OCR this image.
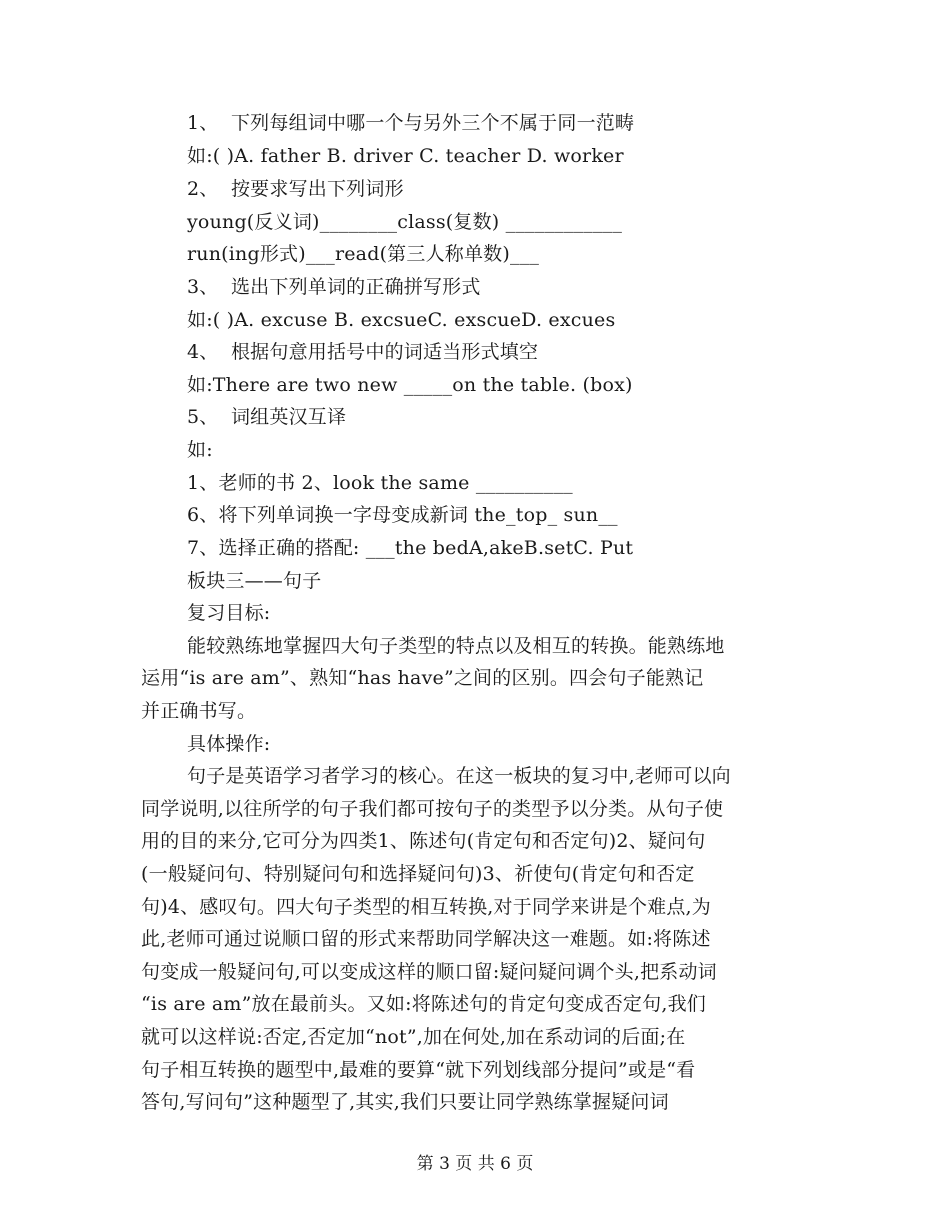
1、  下列每组词中哪一个与另外三个不属于同一范畴
如:( )A. father B. driver C. teacher D. worker
2、  按要求写出下列词形
young(反义词)________class(复数) ____________
run(ing形式)___read(第三人称单数)___
3、  选出下列单词的正确拼写形式
如:( )A. excuse B. excsueC. exscueD. excues
4、  根据句意用括号中的词适当形式填空
如:There are two new _____on the table. (box)
5、  词组英汉互译
如:
1、老师的书 2、look the same __________
6、将下列单词换一字母变成新词 the_top_ sun__
7、选择正确的搭配: ___the bedA,akeB.setC. Put
板块三——句子
复习目标:
能较熟练地掌握四大句子类型的特点以及相互的转换。能熟练地
运用“is are am”、熟知“has have”之间的区别。四会句子能熟记
并正确书写。
具体操作:
句子是英语学习者学习的核心。在这一板块的复习中,老师可以向
同学说明,以往所学的句子我们都可按句子的类型予以分类。从句子使
用的目的来分,它可分为四类1、陈述句(肯定句和否定句)2、疑问句
(一般疑问句、特别疑问句和选择疑问句)3、祈使句(肯定句和否定
句)4、感叹句。四大句子类型的相互转换,对于同学来讲是个难点,为
此,老师可通过说顺口留的形式来帮助同学解决这一难题。如:将陈述
句变成一般疑问句,可以变成这样的顺口留:疑问疑问调个头,把系动词
“is are am”放在最前头。又如:将陈述句的肯定句变成否定句,我们
就可以这样说:否定,否定加“not”,加在何处,加在系动词的后面;在
句子相互转换的题型中,最难的要算“就下列划线部分提问”或是“看
答句,写问句”这种题型了,其实,我们只要让同学熟练掌握疑问词
第 3 页 共 6 页
